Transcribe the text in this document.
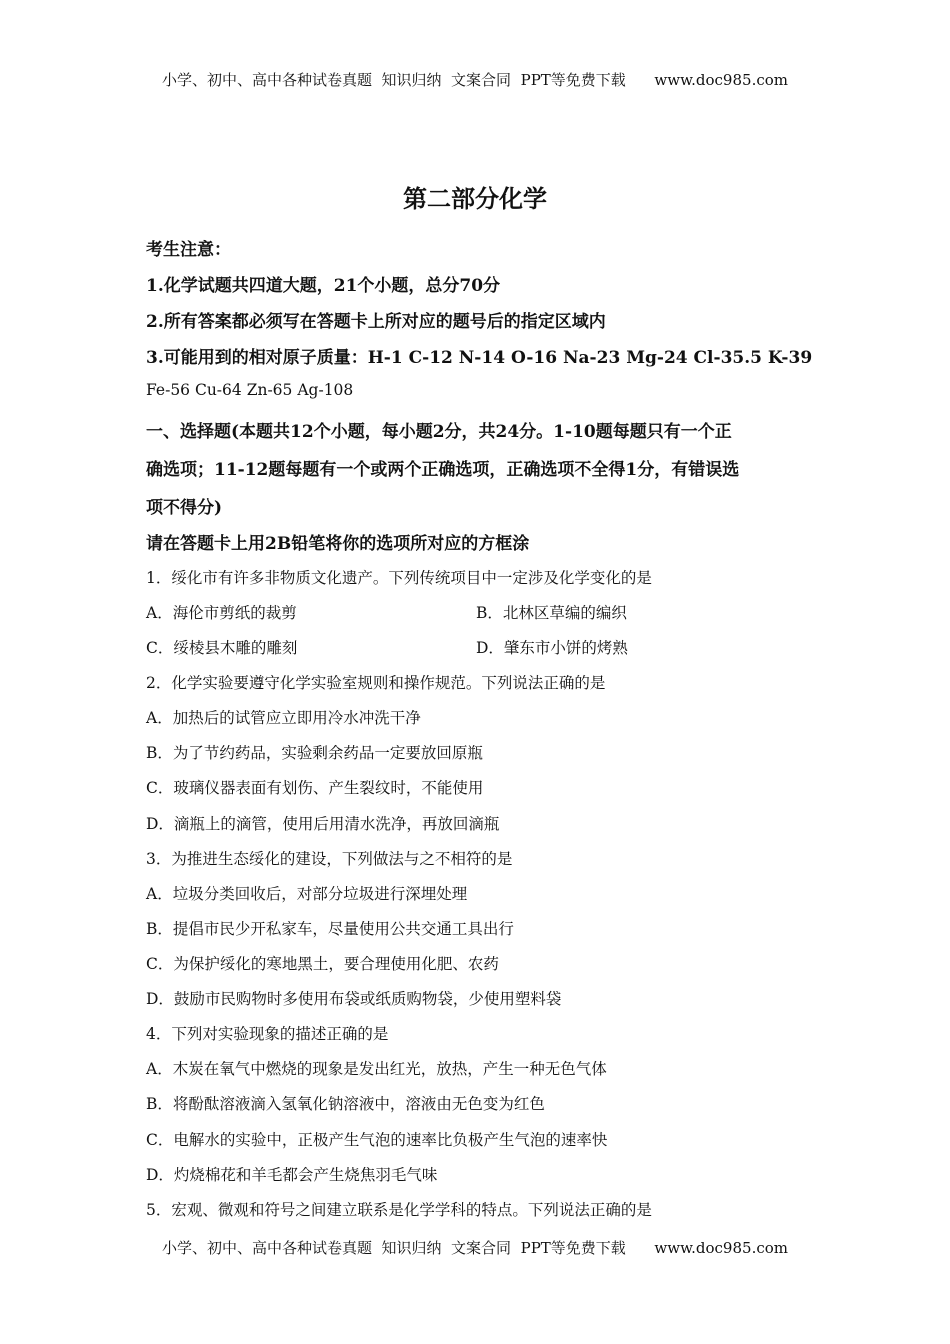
小学、初中、高中各种试卷真题  知识归纳  文案合同  PPT等免费下载      www.doc985.com
第二部分化学
考生注意：
1.化学试题共四道大题，21个小题，总分70分
2.所有答案都必须写在答题卡上所对应的题号后的指定区域内
3.可能用到的相对原子质量：H-1 C-12 N-14 O-16 Na-23 Mg-24 Cl-35.5 K-39
Fe-56 Cu-64 Zn-65 Ag-108
一、选择题(本题共12个小题，每小题2分，共24分。1-10题每题只有一个正
确选项；11-12题每题有一个或两个正确选项，正确选项不全得1分，有错误选
项不得分)
请在答题卡上用2B铅笔将你的选项所对应的方框涂
1．绥化市有许多非物质文化遗产。下列传统项目中一定涉及化学变化的是
A．海伦市剪纸的裁剪	B．北林区草编的编织
C．绥棱县木雕的雕刻	D．肇东市小饼的烤熟
2．化学实验要遵守化学实验室规则和操作规范。下列说法正确的是
A．加热后的试管应立即用冷水冲洗干净
B．为了节约药品，实验剩余药品一定要放回原瓶
C．玻璃仪器表面有划伤、产生裂纹时，不能使用
D．滴瓶上的滴管，使用后用清水洗净，再放回滴瓶
3．为推进生态绥化的建设，下列做法与之不相符的是
A．垃圾分类回收后，对部分垃圾进行深埋处理
B．提倡市民少开私家车，尽量使用公共交通工具出行
C．为保护绥化的寒地黑土，要合理使用化肥、农药
D．鼓励市民购物时多使用布袋或纸质购物袋，少使用塑料袋
4．下列对实验现象的描述正确的是
A．木炭在氧气中燃烧的现象是发出红光，放热，产生一种无色气体
B．将酚酞溶液滴入氢氧化钠溶液中，溶液由无色变为红色
C．电解水的实验中，正极产生气泡的速率比负极产生气泡的速率快
D．灼烧棉花和羊毛都会产生烧焦羽毛气味
5．宏观、微观和符号之间建立联系是化学学科的特点。下列说法正确的是
小学、初中、高中各种试卷真题  知识归纳  文案合同  PPT等免费下载      www.doc985.com
